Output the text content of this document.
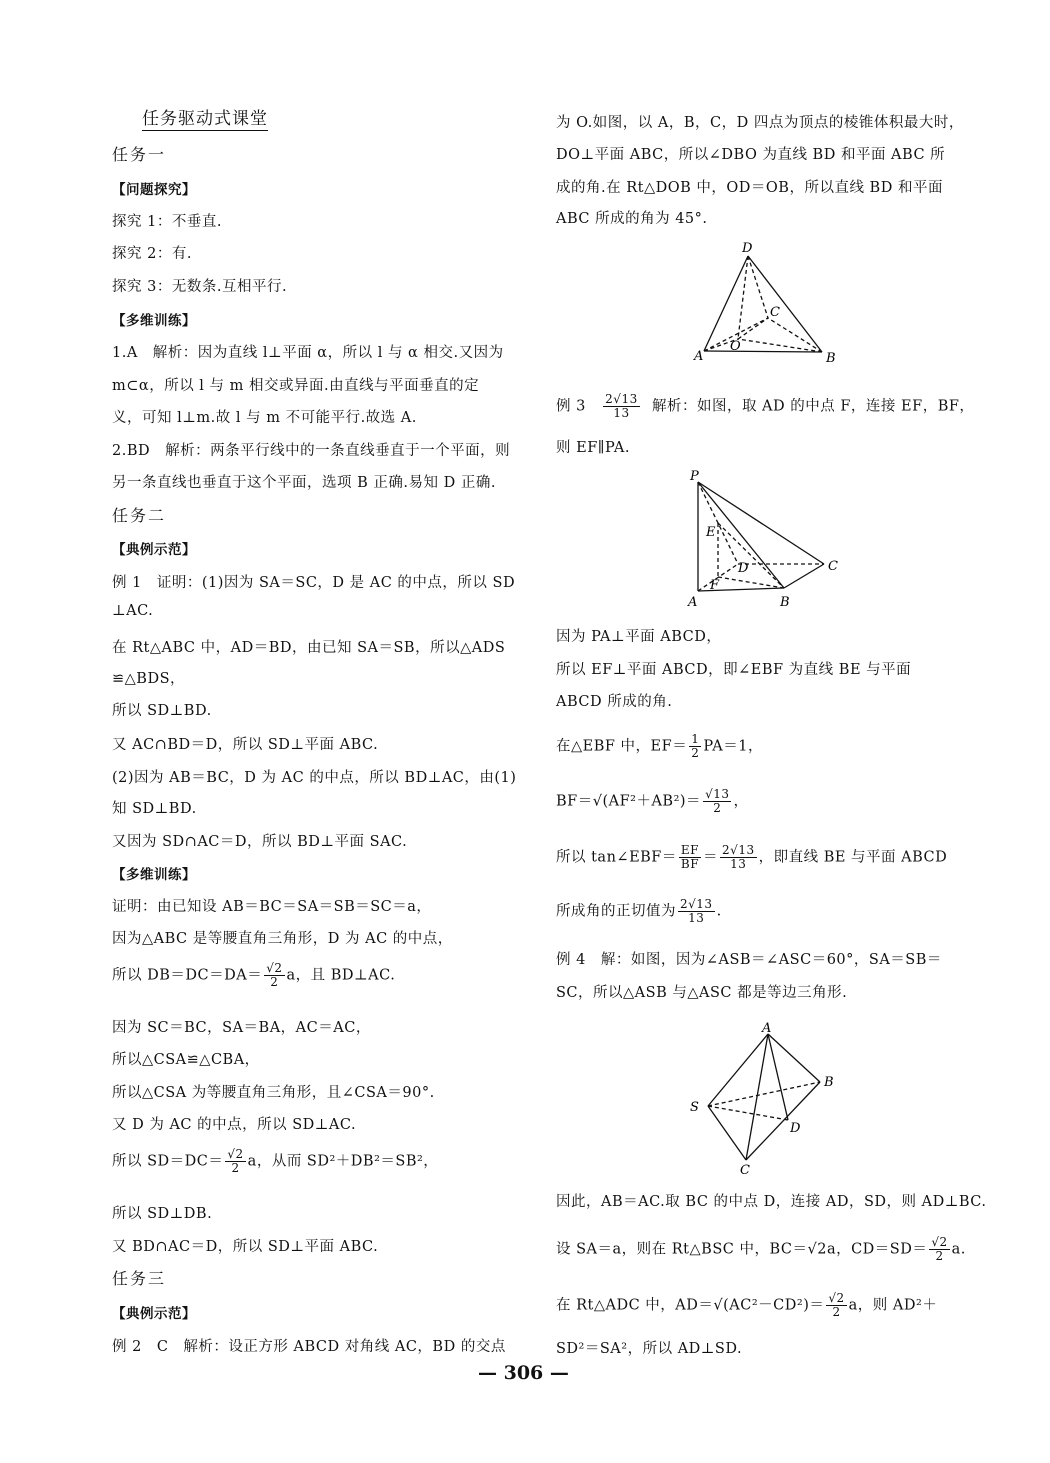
任务驱动式课堂

任务一

【问题探究】

探究 1：不垂直.

探究 2：有.

探究 3：无数条.互相平行.

【多维训练】

1.A　解析：因为直线 l⊥平面 α，所以 l 与 α 相交.又因为

m⊂α，所以 l 与 m 相交或异面.由直线与平面垂直的定

义，可知 l⊥m.故 l 与 m 不可能平行.故选 A.

2.BD　解析：两条平行线中的一条直线垂直于一个平面，则

另一条直线也垂直于这个平面，选项 B 正确.易知 D 正确.

任务二

【典例示范】

例 1　证明：(1)因为 SA＝SC，D 是 AC 的中点，所以 SD

⊥AC.

在 Rt△ABC 中，AD＝BD，由已知 SA＝SB，所以△ADS

≌△BDS，

所以 SD⊥BD.

又 AC∩BD＝D，所以 SD⊥平面 ABC.

(2)因为 AB＝BC，D 为 AC 的中点，所以 BD⊥AC，由(1)

知 SD⊥BD.

又因为 SD∩AC＝D，所以 BD⊥平面 SAC.

【多维训练】

证明：由已知设 AB＝BC＝SA＝SB＝SC＝a，

因为△ABC 是等腰直角三角形，D 为 AC 的中点，

所以 $DB=DC=DA= \frac{√2}{2}$ a，且 BD⊥AC.

因为 SC＝BC，SA＝BA，AC＝AC，

所以△CSA≌△CBA，

所以△CSA 为等腰直角三角形，且∠CSA＝90°.

又 D 为 AC 的中点，所以 SD⊥AC.

所以 $SD=DC= \frac{√2}{2}$ a，从而 SD²＋DB²＝SB²，

所以 SD⊥DB.

又 BD∩AC＝D，所以 SD⊥平面 ABC.

任务三

【典例示范】

例 2　C　解析：设正方形 ABCD 对角线 AC，BD 的交点

为 O.如图，以 A，B，C，D 四点为顶点的棱锥体积最大时，

DO⊥平面 ABC，所以∠DBO 为直线 BD 和平面 ABC 所

成的角.在 Rt△DOB 中，OD＝OB，所以直线 BD 和平面

ABC 所成的角为 45°.

D
A	B
C
O

例 $3 \frac{2√13}{13}$ 解析：如图，取 AD 的中点 F，连接 EF，BF，

则 EF∥PA.

P
E
D	C
F
A	B

因为 PA⊥平面 ABCD，

所以 EF⊥平面 ABCD，即∠EBF 为直线 BE 与平面

ABCD 所成的角.

在△EBF 中，$EF= \frac{1}{2} PA=1$，

$BF=√(AF^2+AB^2)= \frac{√13}{2}$ ，

所以 tan∠EBF＝ $\frac{EF}{BF} = \frac{2√13}{13}$ ，即直线 BE 与平面 ABCD

所成角的正切值为 $\frac{2√13}{13}$ .

例 4　解：如图，因为∠ASB＝∠ASC＝60°，SA＝SB＝

SC，所以△ASB 与△ASC 都是等边三角形.

A
B
S
D
C

因此，AB＝AC.取 BC 的中点 D，连接 AD，SD，则 AD⊥BC.

设 SA＝a，则在 Rt△BSC 中，BC＝√2a，$CD=SD= \frac{√2}{2} a$.

在 Rt△ADC 中，$AD=√(AC^2-CD^2)= \frac{√2}{2}$ a，则 AD²＋

SD²＝SA²，所以 AD⊥SD.

— 306 —
